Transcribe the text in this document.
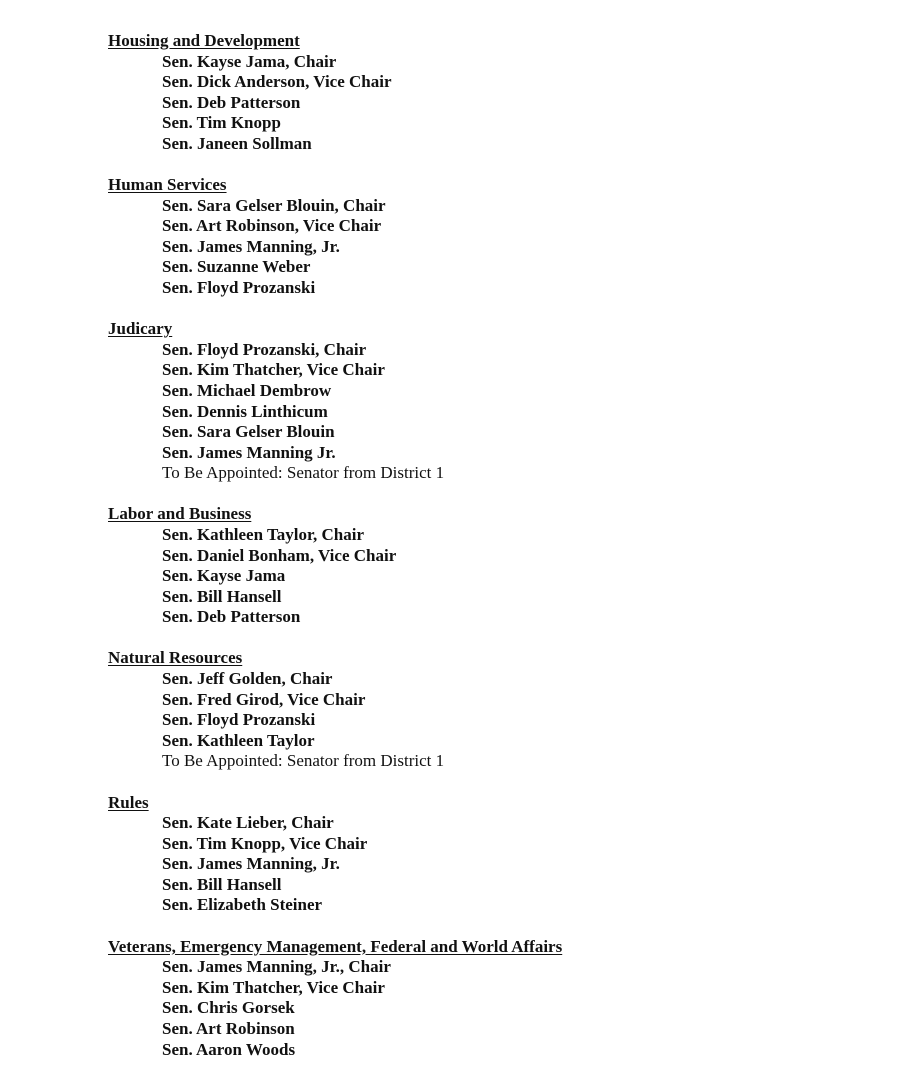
Housing and Development
Sen. Kayse Jama, Chair
Sen. Dick Anderson, Vice Chair
Sen. Deb Patterson
Sen. Tim Knopp
Sen. Janeen Sollman
Human Services
Sen. Sara Gelser Blouin, Chair
Sen. Art Robinson, Vice Chair
Sen. James Manning, Jr.
Sen. Suzanne Weber
Sen. Floyd Prozanski
Judicary
Sen. Floyd Prozanski, Chair
Sen. Kim Thatcher, Vice Chair
Sen. Michael Dembrow
Sen. Dennis Linthicum
Sen. Sara Gelser Blouin
Sen. James Manning Jr.
To Be Appointed: Senator from District 1
Labor and Business
Sen. Kathleen Taylor, Chair
Sen. Daniel Bonham, Vice Chair
Sen. Kayse Jama
Sen. Bill Hansell
Sen. Deb Patterson
Natural Resources
Sen. Jeff Golden, Chair
Sen. Fred Girod, Vice Chair
Sen. Floyd Prozanski
Sen. Kathleen Taylor
To Be Appointed: Senator from District 1
Rules
Sen. Kate Lieber, Chair
Sen. Tim Knopp, Vice Chair
Sen. James Manning, Jr.
Sen. Bill Hansell
Sen. Elizabeth Steiner
Veterans, Emergency Management, Federal and World Affairs
Sen. James Manning, Jr., Chair
Sen. Kim Thatcher, Vice Chair
Sen. Chris Gorsek
Sen. Art Robinson
Sen. Aaron Woods
